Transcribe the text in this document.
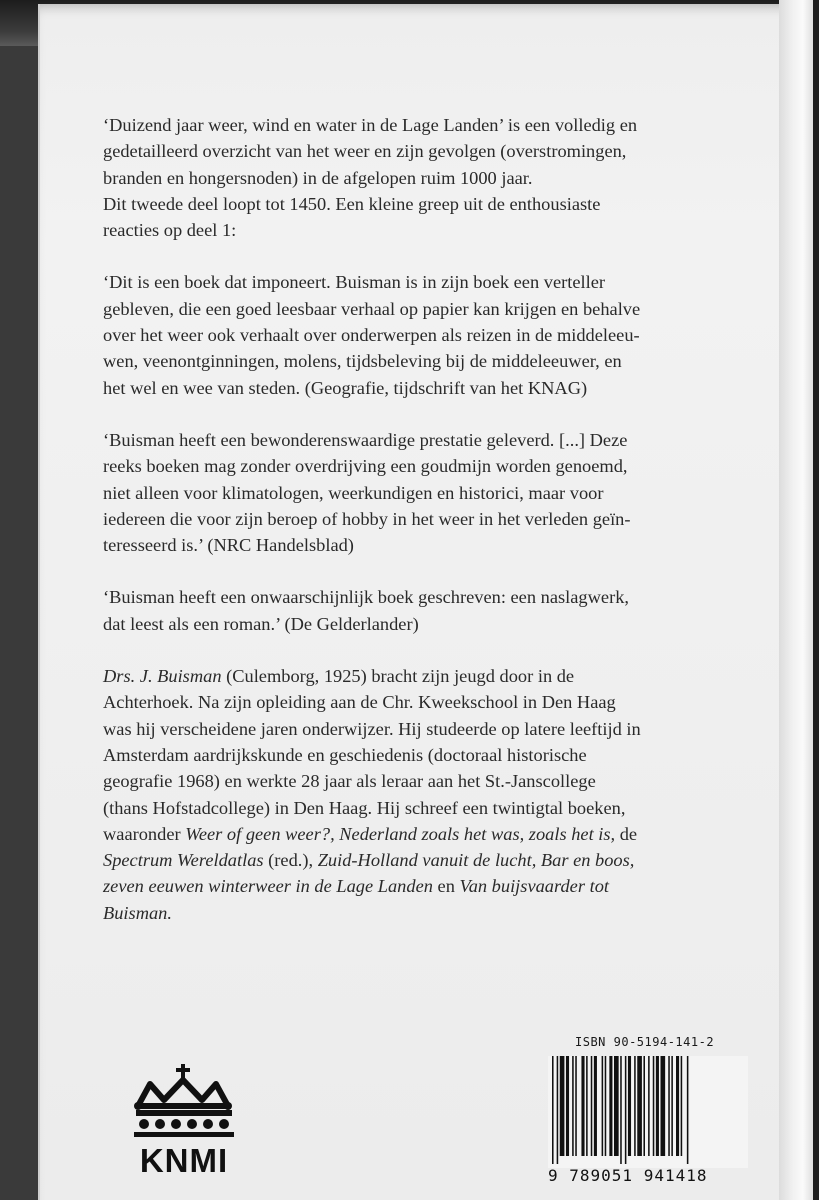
‘Duizend jaar weer, wind en water in de Lage Landen’ is een volledig en
gedetailleerd overzicht van het weer en zijn gevolgen (overstromingen,
branden en hongersnoden) in de afgelopen ruim 1000 jaar.
Dit tweede deel loopt tot 1450. Een kleine greep uit de enthousiaste
reacties op deel 1:

‘Dit is een boek dat imponeert. Buisman is in zijn boek een verteller
gebleven, die een goed leesbaar verhaal op papier kan krijgen en behalve
over het weer ook verhaalt over onderwerpen als reizen in de middeleeu-
wen, veenontginningen, molens, tijdsbeleving bij de middeleeuwer, en
het wel en wee van steden. (Geografie, tijdschrift van het KNAG)

‘Buisman heeft een bewonderenswaardige prestatie geleverd. [...] Deze
reeks boeken mag zonder overdrijving een goudmijn worden genoemd,
niet alleen voor klimatologen, weerkundigen en historici, maar voor
iedereen die voor zijn beroep of hobby in het weer in het verleden geïn-
teresseerd is.’ (NRC Handelsblad)

‘Buisman heeft een onwaarschijnlijk boek geschreven: een naslagwerk,
dat leest als een roman.’ (De Gelderlander)

Drs. J. Buisman (Culemborg, 1925) bracht zijn jeugd door in de
Achterhoek. Na zijn opleiding aan de Chr. Kweekschool in Den Haag
was hij verscheidene jaren onderwijzer. Hij studeerde op latere leeftijd in
Amsterdam aardrijkskunde en geschiedenis (doctoraal historische
geografie 1968) en werkte 28 jaar als leraar aan het St.-Janscollege
(thans Hofstadcollege) in Den Haag. Hij schreef een twintigtal boeken,
waaronder Weer of geen weer?, Nederland zoals het was, zoals het is, de
Spectrum Wereldatlas (red.), Zuid-Holland vanuit de lucht, Bar en boos,
zeven eeuwen winterweer in de Lage Landen en Van buijsvaarder tot
Buisman.

KNMI
ISBN 90-5194-141-2
9 789051 941418
